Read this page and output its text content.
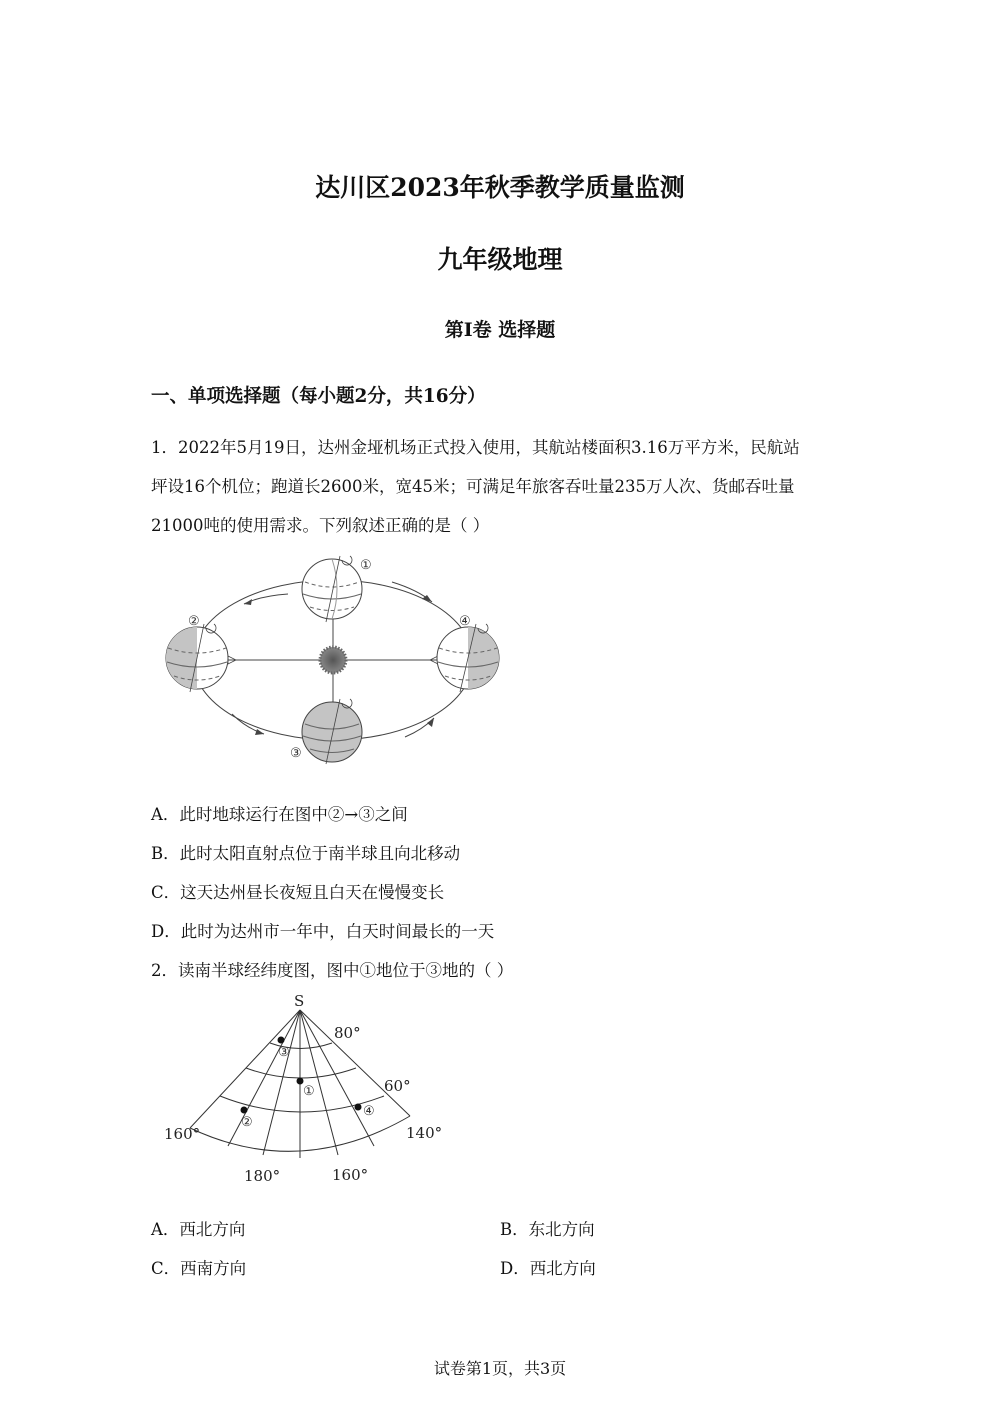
达川区2023年秋季教学质量监测
九年级地理
第I卷 选择题
一、单项选择题（每小题2分，共16分）
1．2022年5月19日，达州金垭机场正式投入使用，其航站楼面积3.16万平方米，民航站
坪设16个机位；跑道长2600米，宽45米；可满足年旅客吞吐量235万人次、货邮吞吐量
21000吨的使用需求。下列叙述正确的是（ ）
①
②
③
④
A．此时地球运行在图中②→③之间
B．此时太阳直射点位于南半球且向北移动
C．这天达州昼长夜短且白天在慢慢变长
D．此时为达州市一年中，白天时间最长的一天
2．读南半球经纬度图，图中①地位于③地的（ ）
S
80°
60°
160°	140°
180°	160°
①
②
③
④
A．西北方向	B．东北方向
C．西南方向	D．西北方向
试卷第1页，共3页
